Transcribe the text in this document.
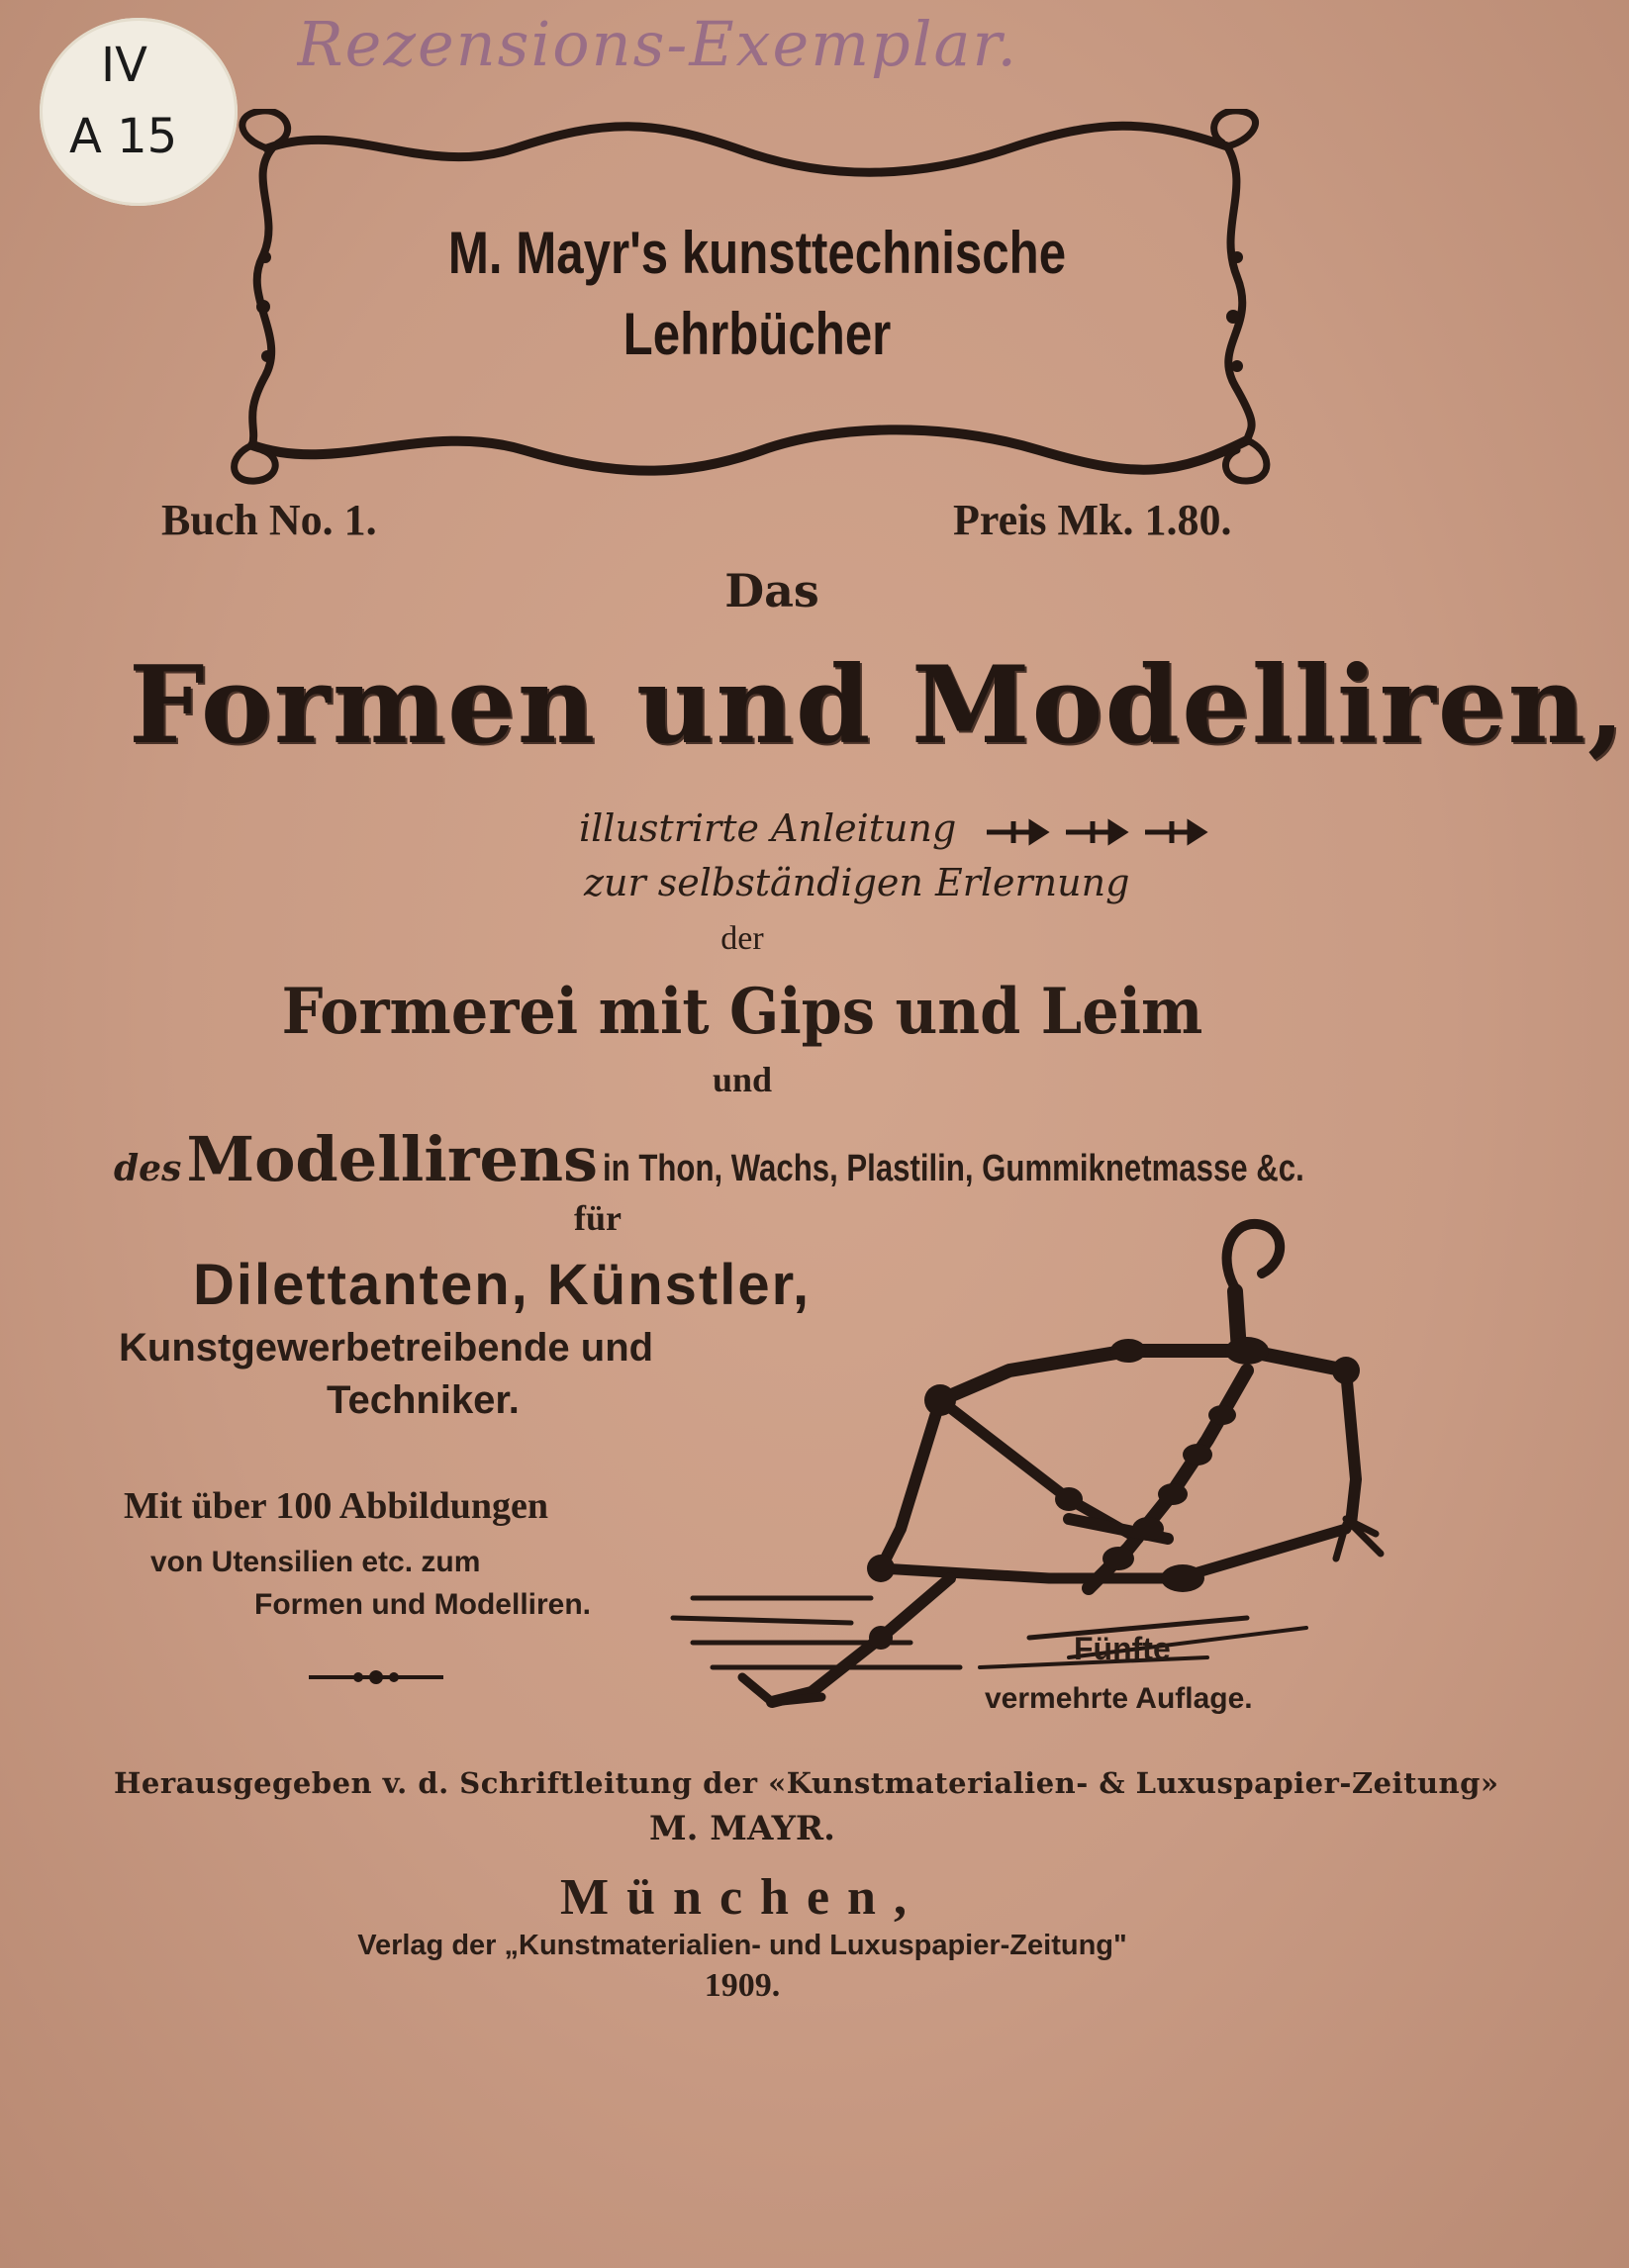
Rezensions-Exemplar.
IV
A 15
M. Mayr's kunsttechnische
Lehrbücher
Buch No. 1.	Preis Mk. 1.80.
Das
Formen und Modelliren,
illustrirte Anleitung
zur selbständigen Erlernung
der
Formerei mit Gips und Leim
und
des Modellirens in Thon, Wachs, Plastilin, Gummiknetmasse &c.
für
Dilettanten, Künstler,
Kunstgewerbetreibende und
Techniker.
Mit über 100 Abbildungen
von Utensilien etc. zum
Formen und Modelliren.
Fünfte
vermehrte Auflage.
Herausgegeben v. d. Schriftleitung der «Kunstmaterialien- & Luxuspapier-Zeitung»
M. MAYR.
München,
Verlag der „Kunstmaterialien- und Luxuspapier-Zeitung"
1909.
